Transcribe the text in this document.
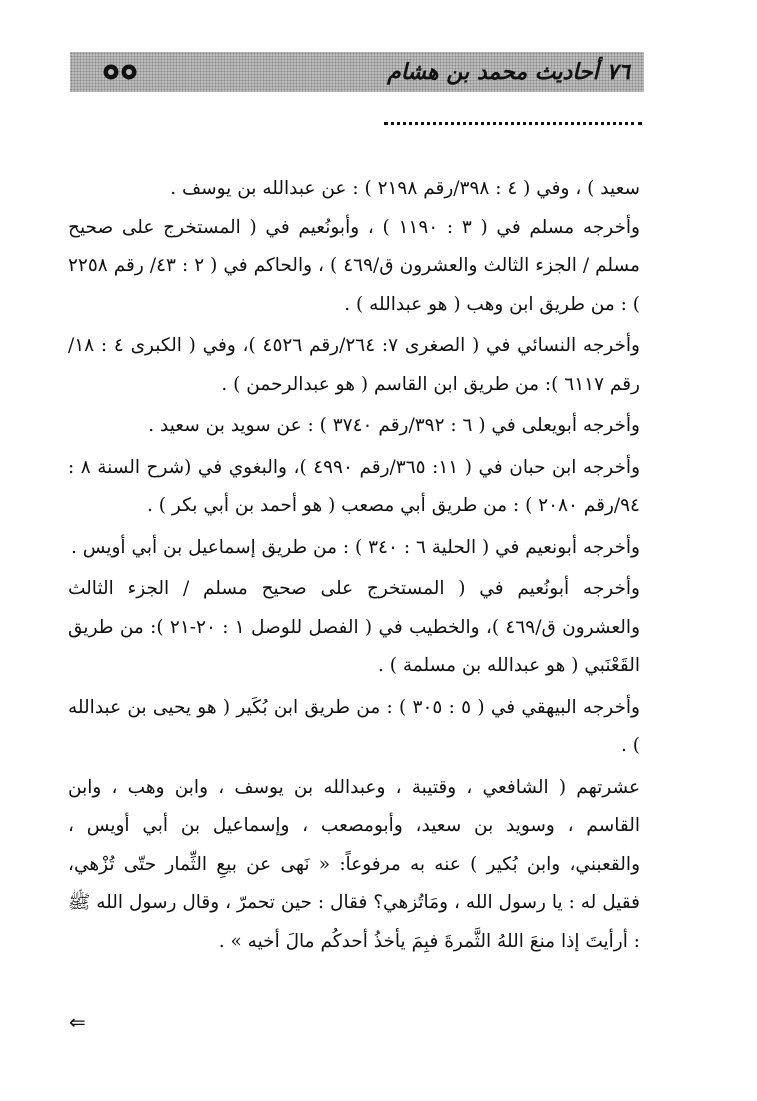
٧٦ أحاديث محمد بن هشام

سعيد ) ، وفي ( ٤ : ٣٩٨/رقم ٢١٩٨ ) : عن عبدالله بن يوسف .

وأخرجه مسلم في ( ٣ : ١١٩٠ ) ، وأبونُعيم في ( المستخرج على صحيح مسلم / الجزء الثالث والعشرون ق/٤٦٩ ) ، والحاكم في ( ٢ : ٤٣/ رقم ٢٢٥٨ ) : من طريق ابن وهب ( هو عبدالله ) .

وأخرجه النسائي في ( الصغرى ٧: ٢٦٤/رقم ٤٥٢٦ )، وفي ( الكبرى ٤ : ١٨/رقم ٦١١٧ ): من طريق ابن القاسم ( هو عبدالرحمن ) .

وأخرجه أبويعلى في ( ٦ : ٣٩٢/رقم ٣٧٤٠ ) : عن سويد بن سعيد .

وأخرجه ابن حبان في ( ١١: ٣٦٥/رقم ٤٩٩٠ )، والبغوي في (شرح السنة ٨ : ٩٤/رقم ٢٠٨٠ ) : من طريق أبي مصعب ( هو أحمد بن أبي بكر ) .

وأخرجه أبونعيم في ( الحلية ٦ : ٣٤٠ ) : من طريق إسماعيل بن أبي أويس .

وأخرجه أبونُعيم في ( المستخرج على صحيح مسلم / الجزء الثالث والعشرون ق/٤٦٩ )، والخطيب في ( الفصل للوصل ١ : ٢٠-٢١ ): من طريق القَعْنَبي ( هو عبدالله بن مسلمة ) .

وأخرجه البيهقي في ( ٥ : ٣٠٥ ) : من طريق ابن بُكَير ( هو يحيى بن عبدالله ) .

عشرتهم ( الشافعي ، وقتيبة ، وعبدالله بن يوسف ، وابن وهب ، وابن القاسم ، وسويد بن سعيد، وأبومصعب ، وإسماعيل بن أبي أويس ، والقعبني، وابن بُكير ) عنه به مرفوعاً: « نَهى عن بيعِ الثِّمار حتّى تُزْهي، فقيل له : يا رسول الله ، ومَاتُزهي؟ فقال : حين تحمرّ ، وقال رسول الله ﷺ : أرأيتَ إذا منعَ اللهُ الثَّمرةَ فبِمَ يأخذُ أحدكُم مالَ أخيه » .

⇐
